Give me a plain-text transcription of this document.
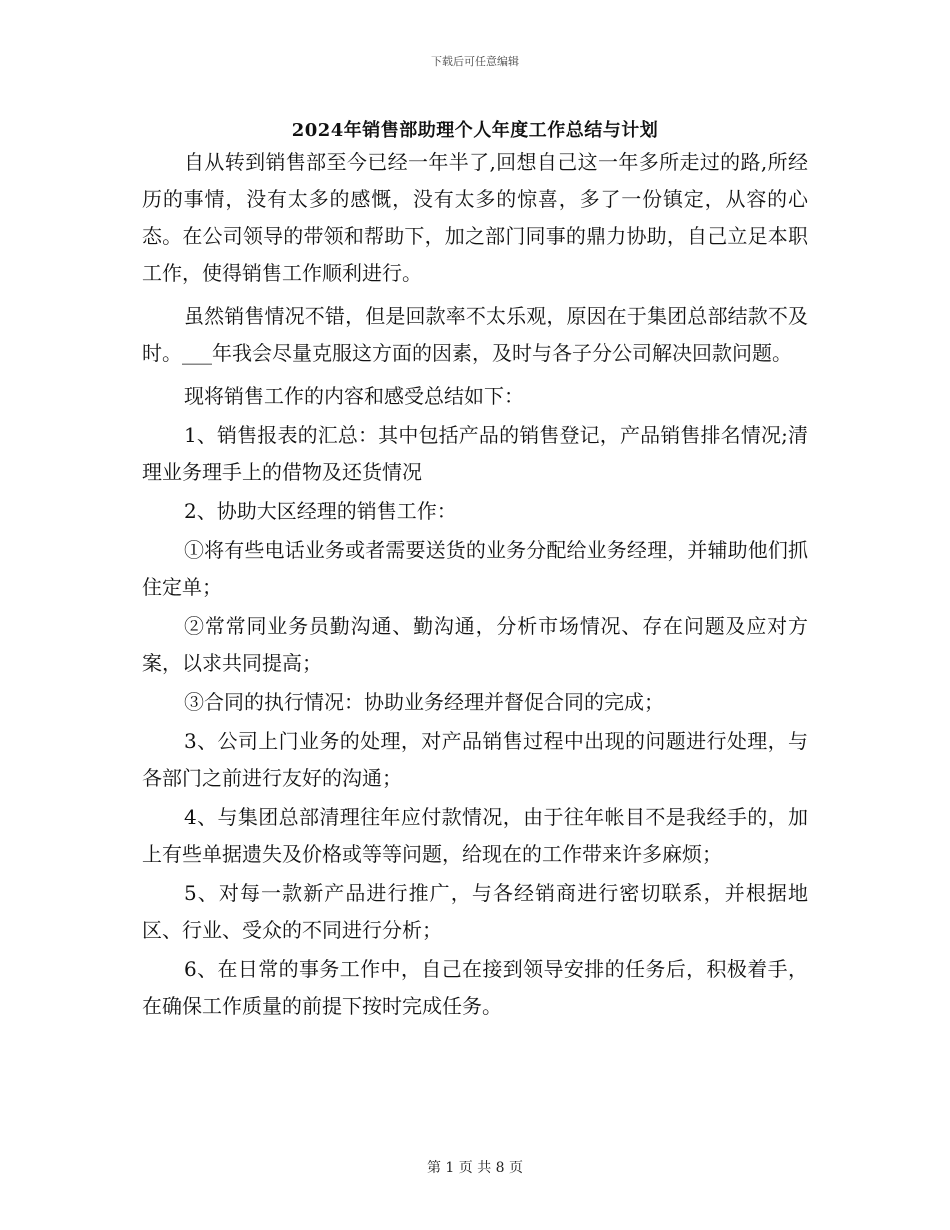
下载后可任意编辑
2024年销售部助理个人年度工作总结与计划

自从转到销售部至今已经一年半了,回想自己这一年多所走过的路,所经历的事情，没有太多的感慨，没有太多的惊喜，多了一份镇定，从容的心态。在公司领导的带领和帮助下，加之部门同事的鼎力协助，自己立足本职工作，使得销售工作顺利进行。

虽然销售情况不错，但是回款率不太乐观，原因在于集团总部结款不及时。___年我会尽量克服这方面的因素，及时与各子分公司解决回款问题。

现将销售工作的内容和感受总结如下：

1、销售报表的汇总：其中包括产品的销售登记，产品销售排名情况;清理业务理手上的借物及还货情况

2、协助大区经理的销售工作：

①将有些电话业务或者需要送货的业务分配给业务经理，并辅助他们抓住定单；

②常常同业务员勤沟通、勤沟通，分析市场情况、存在问题及应对方案，以求共同提高；

③合同的执行情况：协助业务经理并督促合同的完成；

3、公司上门业务的处理，对产品销售过程中出现的问题进行处理，与各部门之前进行友好的沟通；

4、与集团总部清理往年应付款情况，由于往年帐目不是我经手的，加上有些单据遗失及价格或等等问题，给现在的工作带来许多麻烦；

5、对每一款新产品进行推广，与各经销商进行密切联系，并根据地区、行业、受众的不同进行分析；

6、在日常的事务工作中，自己在接到领导安排的任务后，积极着手，在确保工作质量的前提下按时完成任务。

第 1 页 共 8 页
